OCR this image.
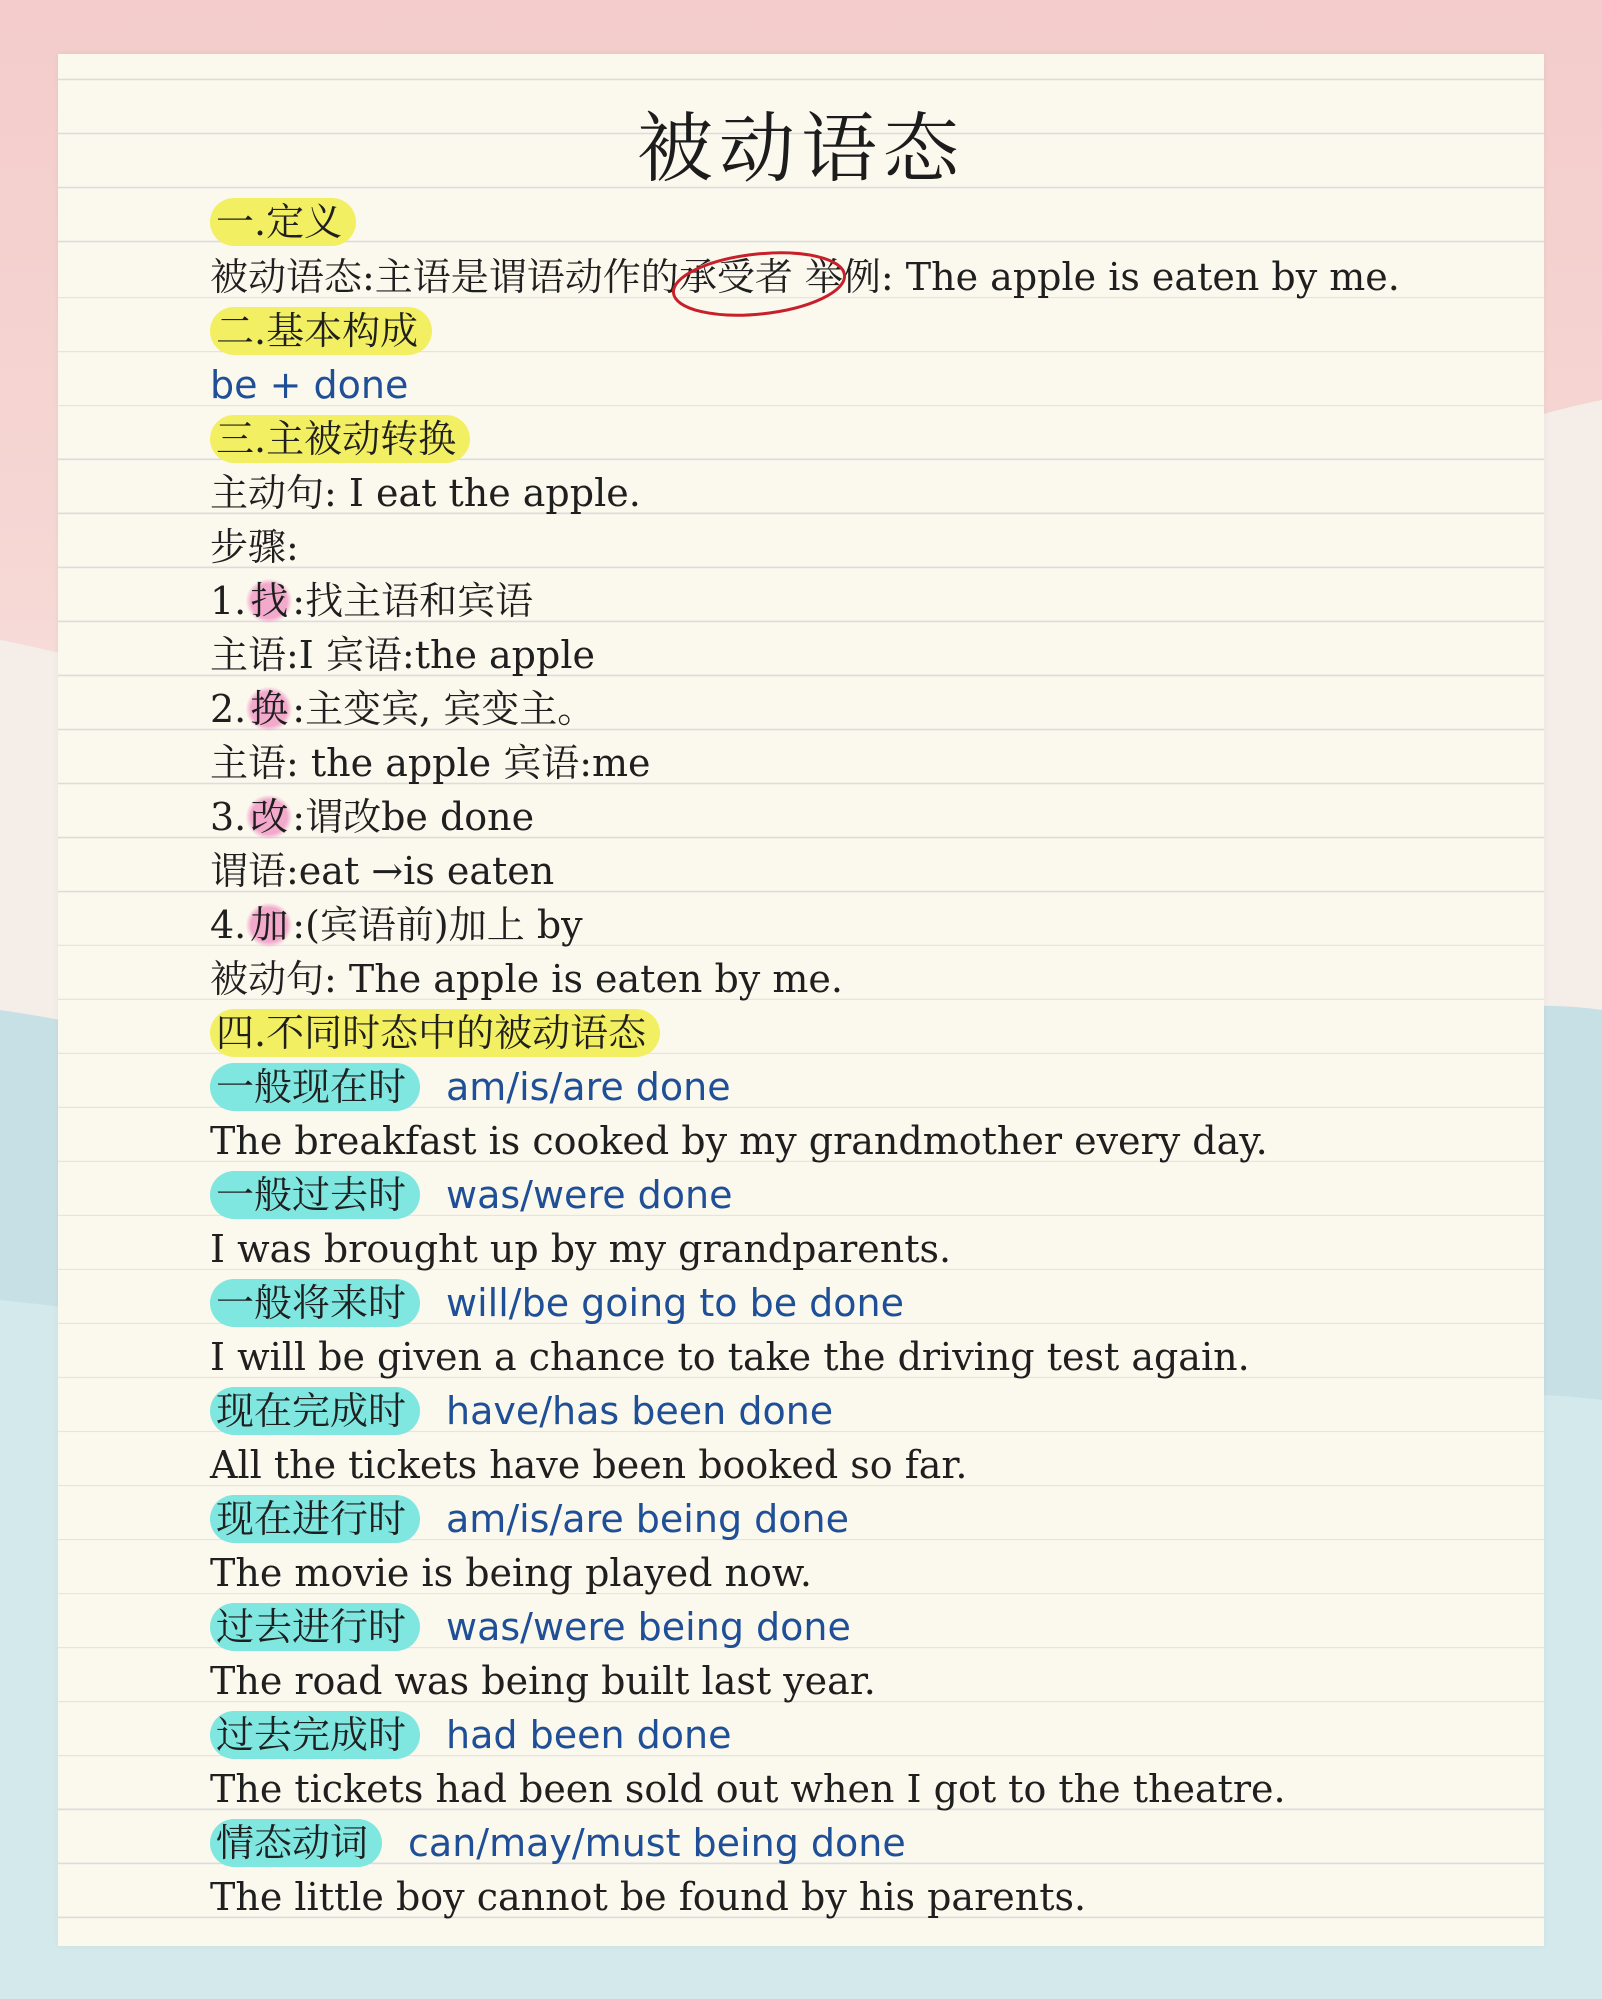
被动语态
一.定义
被动语态:主语是谓语动作的
承受者 举例: The apple is eaten by me.
二.基本构成
be + done
三.主被动转换
主动句: I eat the apple.
步骤:
1. 找 :找主语和宾语
主语:I 宾语:the apple
2. 换 :主变宾, 宾变主。
主语: the apple 宾语:me
3. 改 :谓改be done
谓语:eat →is eaten
4. 加 :(宾语前)加上 by
被动句: The apple is eaten by me.
四.不同时态中的被动语态
一般现在时 am/is/are done
The breakfast is cooked by my grandmother every day.
一般过去时 was/were done
I was brought up by my grandparents.
一般将来时 will/be going to be done
I will be given a chance to take the driving test again.
现在完成时 have/has been done
All the tickets have been booked so far.
现在进行时 am/is/are being done
The movie is being played now.
过去进行时 was/were being done
The road was being built last year.
过去完成时 had been done
The tickets had been sold out when I got to the theatre.
情态动词 can/may/must being done
The little boy cannot be found by his parents.
